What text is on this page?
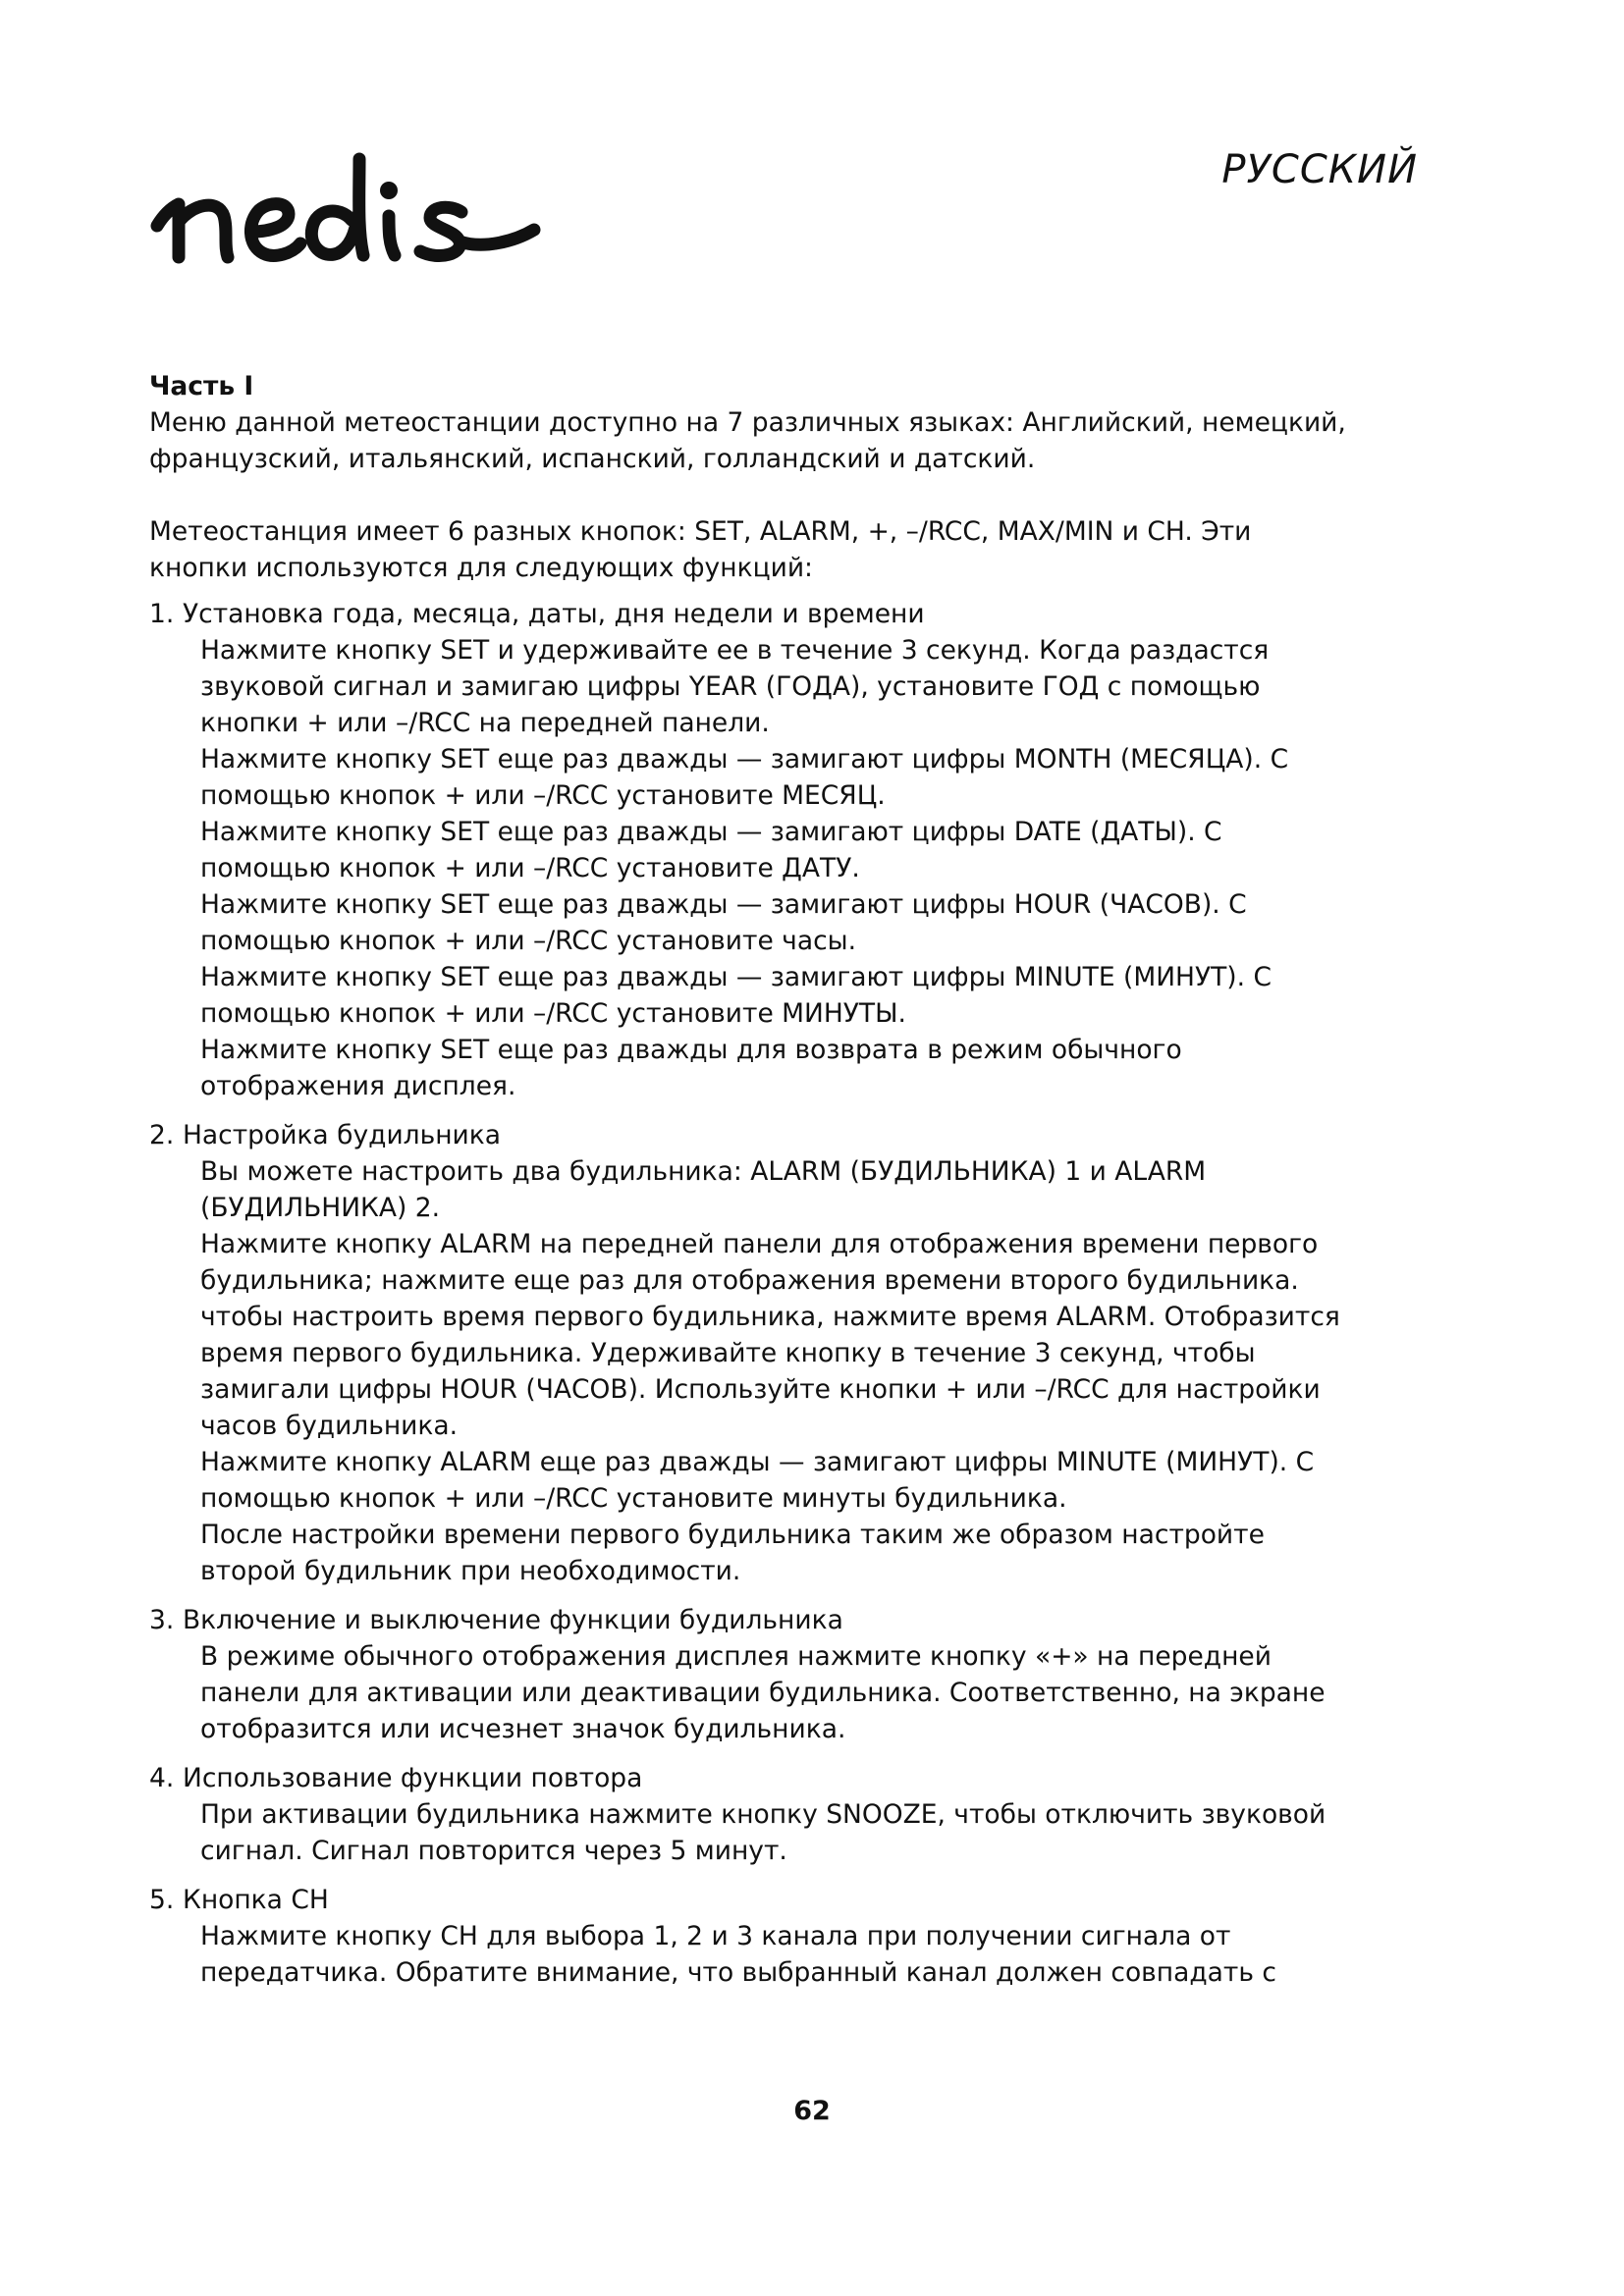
РУССКИЙ

Часть I

Меню данной метеостанции доступно на 7 различных языках: Английский, немецкий, французский, итальянский, испанский, голландский и датский.

Метеостанция имеет 6 разных кнопок: SET, ALARM, +, –/RCC, MAX/MIN и CH. Эти кнопки используются для следующих функций:

1. Установка года, месяца, даты, дня недели и времени

Нажмите кнопку SET и удерживайте ее в течение 3 секунд. Когда раздастся звуковой сигнал и замигаю цифры YEAR (ГОДА), установите ГОД с помощью кнопки + или –/RCC на передней панели.

Нажмите кнопку SET еще раз дважды — замигают цифры MONTH (МЕСЯЦА). С помощью кнопок + или –/RCC установите МЕСЯЦ.

Нажмите кнопку SET еще раз дважды — замигают цифры DATE (ДАТЫ). С помощью кнопок + или –/RCC установите ДАТУ.

Нажмите кнопку SET еще раз дважды — замигают цифры HOUR (ЧАСОВ). С помощью кнопок + или –/RCC установите часы.

Нажмите кнопку SET еще раз дважды — замигают цифры MINUTE (МИНУТ). С помощью кнопок + или –/RCC установите МИНУТЫ.

Нажмите кнопку SET еще раз дважды для возврата в режим обычного отображения дисплея.

2. Настройка будильника

Вы можете настроить два будильника: ALARM (БУДИЛЬНИКА) 1 и ALARM (БУДИЛЬНИКА) 2.

Нажмите кнопку ALARM на передней панели для отображения времени первого будильника; нажмите еще раз для отображения времени второго будильника. чтобы настроить время первого будильника, нажмите время ALARM. Отобразится время первого будильника. Удерживайте кнопку в течение 3 секунд, чтобы замигали цифры HOUR (ЧАСОВ). Используйте кнопки + или –/RCC для настройки часов будильника.

Нажмите кнопку ALARM еще раз дважды — замигают цифры MINUTE (МИНУТ). С помощью кнопок + или –/RCC установите минуты будильника.

После настройки времени первого будильника таким же образом настройте второй будильник при необходимости.

3. Включение и выключение функции будильника

В режиме обычного отображения дисплея нажмите кнопку «+» на передней панели для активации или деактивации будильника. Соответственно, на экране отобразится или исчезнет значок будильника.

4. Использование функции повтора

При активации будильника нажмите кнопку SNOOZE, чтобы отключить звуковой сигнал. Сигнал повторится через 5 минут.

5. Кнопка CH

Нажмите кнопку CH для выбора 1, 2 и 3 канала при получении сигнала от передатчика. Обратите внимание, что выбранный канал должен совпадать с

62
